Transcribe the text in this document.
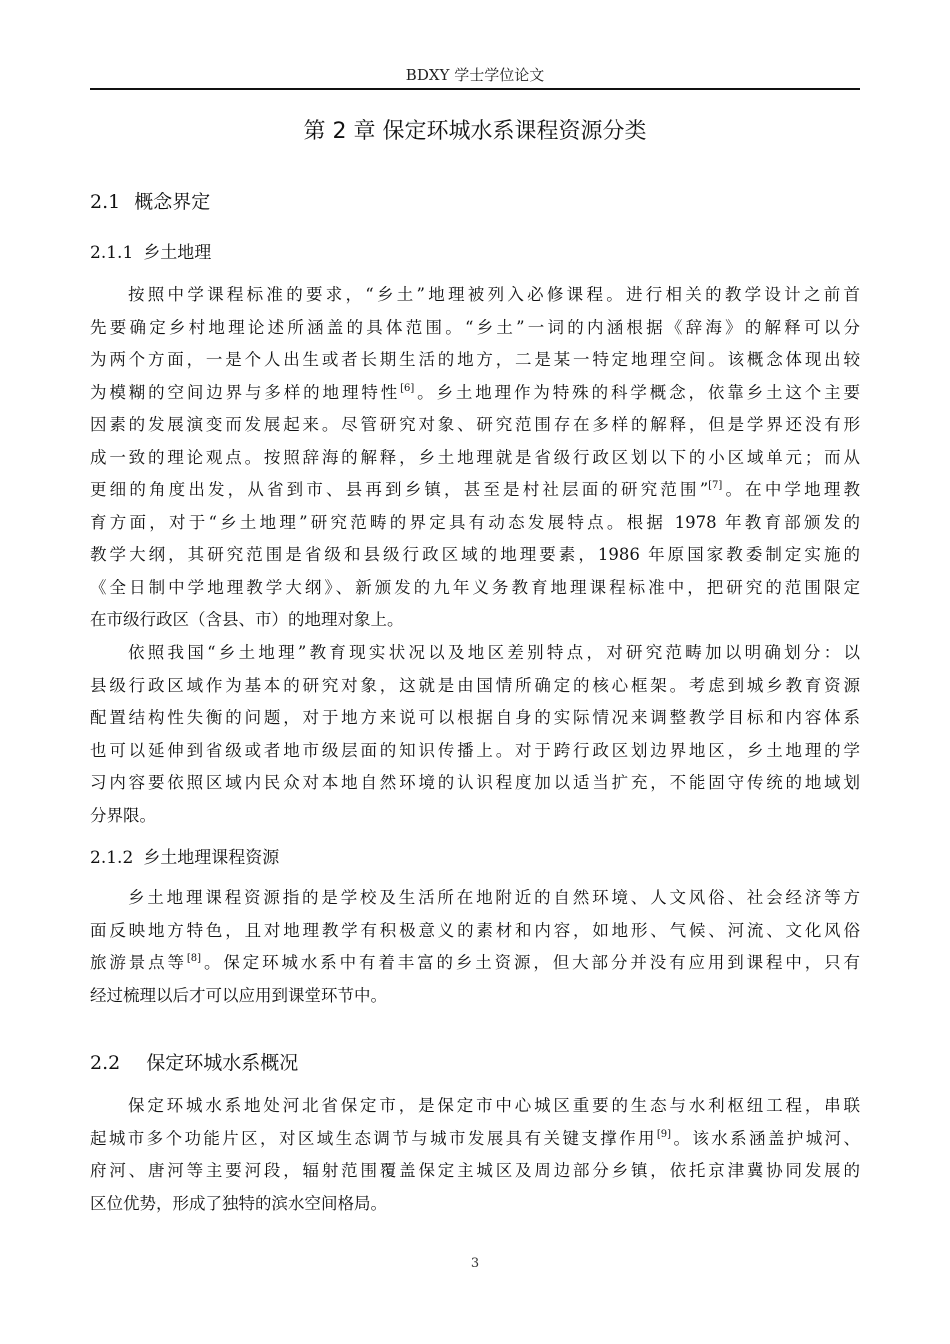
BDXY 学士学位论文
第 2 章 保定环城水系课程资源分类
2.1 概念界定
2.1.1 乡土地理
按照中学课程标准的要求，“乡土”地理被列入必修课程。进行相关的教学设计之前首
先要确定乡村地理论述所涵盖的具体范围。“乡土”一词的内涵根据《辞海》的解释可以分
为两个方面，一是个人出生或者长期生活的地方，二是某一特定地理空间。该概念体现出较
为模糊的空间边界与多样的地理特性[6]。乡土地理作为特殊的科学概念，依靠乡土这个主要
因素的发展演变而发展起来。尽管研究对象、研究范围存在多样的解释，但是学界还没有形
成一致的理论观点。按照辞海的解释，乡土地理就是省级行政区划以下的小区域单元；而从
更细的角度出发，从省到市、县再到乡镇，甚至是村社层面的研究范围”[7]。在中学地理教
育方面，对于“乡土地理”研究范畴的界定具有动态发展特点。根据 1978 年教育部颁发的
教学大纲，其研究范围是省级和县级行政区域的地理要素，1986 年原国家教委制定实施的
《全日制中学地理教学大纲》、新颁发的九年义务教育地理课程标准中，把研究的范围限定
在市级行政区（含县、市）的地理对象上。
依照我国“乡土地理”教育现实状况以及地区差别特点，对研究范畴加以明确划分：以
县级行政区域作为基本的研究对象，这就是由国情所确定的核心框架。考虑到城乡教育资源
配置结构性失衡的问题，对于地方来说可以根据自身的实际情况来调整教学目标和内容体系
也可以延伸到省级或者地市级层面的知识传播上。对于跨行政区划边界地区，乡土地理的学
习内容要依照区域内民众对本地自然环境的认识程度加以适当扩充，不能固守传统的地域划
分界限。
2.1.2 乡土地理课程资源
乡土地理课程资源指的是学校及生活所在地附近的自然环境、人文风俗、社会经济等方
面反映地方特色，且对地理教学有积极意义的素材和内容，如地形、气候、河流、文化风俗
旅游景点等[8]。保定环城水系中有着丰富的乡土资源，但大部分并没有应用到课程中，只有
经过梳理以后才可以应用到课堂环节中。
2.2 保定环城水系概况
保定环城水系地处河北省保定市，是保定市中心城区重要的生态与水利枢纽工程，串联
起城市多个功能片区，对区域生态调节与城市发展具有关键支撑作用[9]。该水系涵盖护城河、
府河、唐河等主要河段，辐射范围覆盖保定主城区及周边部分乡镇，依托京津冀协同发展的
区位优势，形成了独特的滨水空间格局。
3
